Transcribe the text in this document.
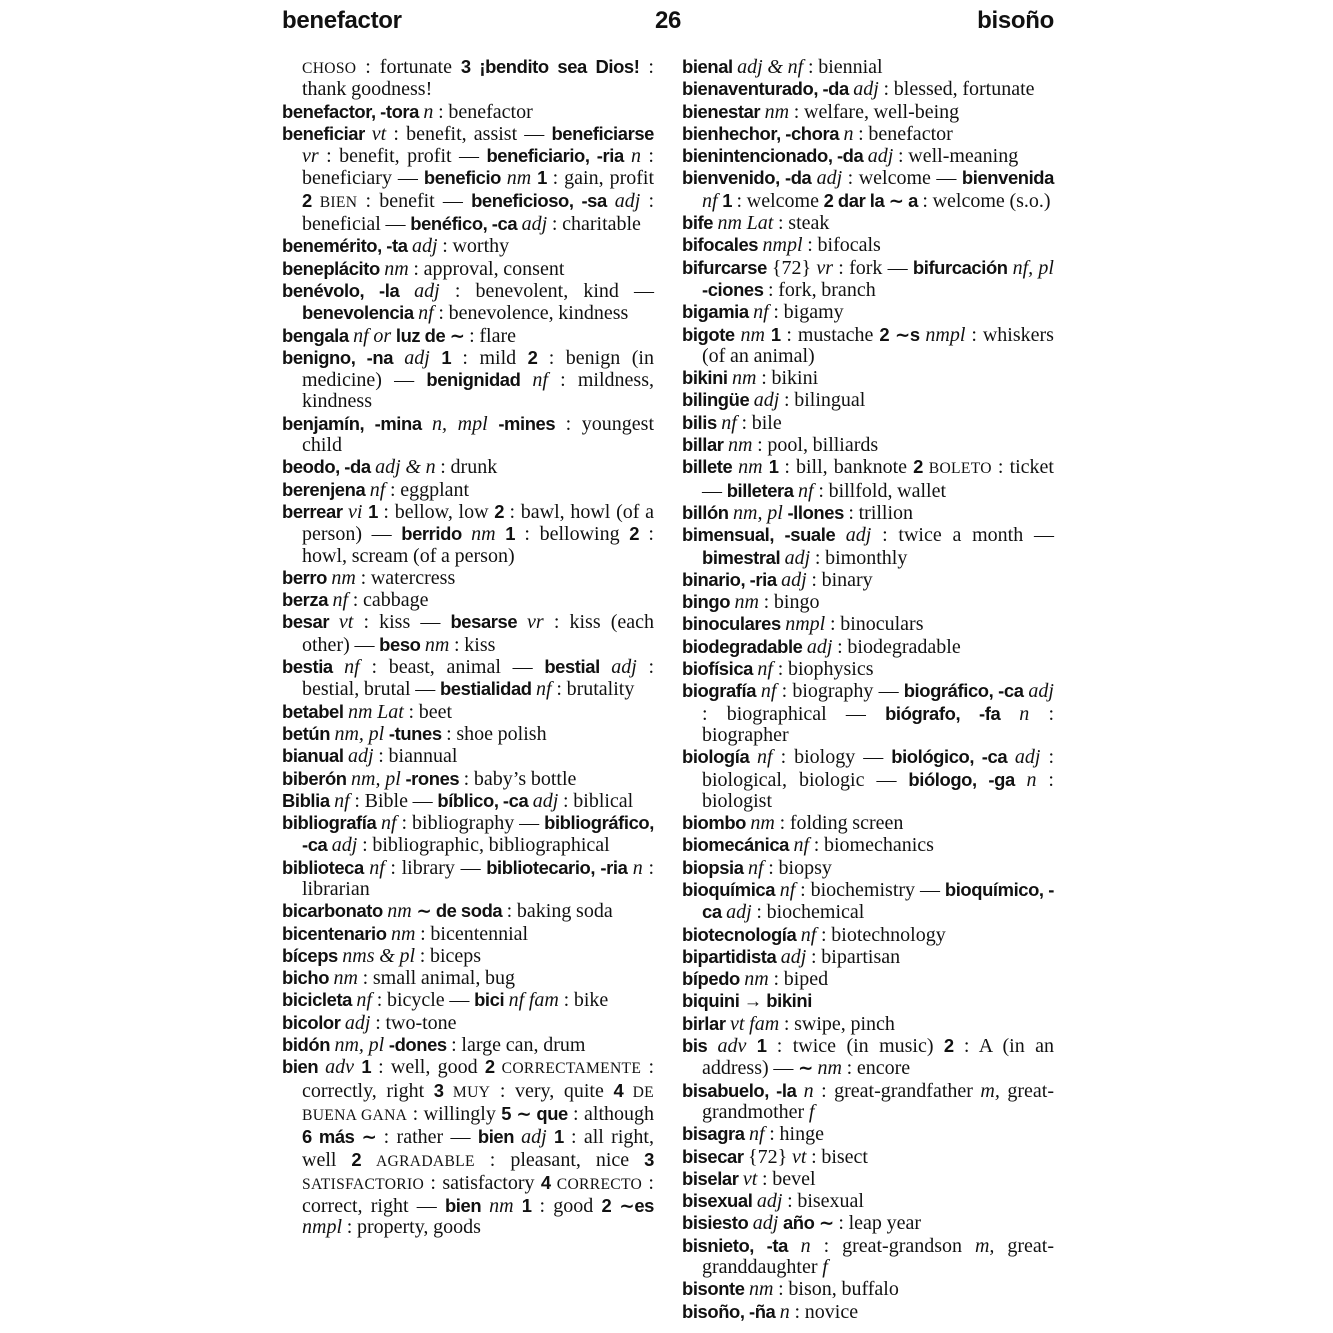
benefactor	26	bisoño

CHOSO : fortunate 3 ¡bendito sea Dios! : thank goodness!

benefactor, -tora n : benefactor

beneficiar vt : benefit, assist — beneficiarse vr : benefit, profit — beneficiario, -ria n : beneficiary — beneficio nm 1 : gain, profit 2 BIEN : benefit — beneficioso, -sa adj : beneficial — benéfico, -ca adj : charitable

benemérito, -ta adj : worthy

beneplácito nm : approval, consent

benévolo, -la adj : benevolent, kind — benevolencia nf : benevolence, kindness

bengala nf or luz de ∼ : flare

benigno, -na adj 1 : mild 2 : benign (in medicine) — benignidad nf : mildness, kindness

benjamín, -mina n, mpl -mines : youngest child

beodo, -da adj & n : drunk

berenjena nf : eggplant

berrear vi 1 : bellow, low 2 : bawl, howl (of a person) — berrido nm 1 : bellowing 2 : howl, scream (of a person)

berro nm : watercress

berza nf : cabbage

besar vt : kiss — besarse vr : kiss (each other) — beso nm : kiss

bestia nf : beast, animal — bestial adj : bestial, brutal — bestialidad nf : brutality

betabel nm Lat : beet

betún nm, pl -tunes : shoe polish

bianual adj : biannual

biberón nm, pl -rones : baby’s bottle

Biblia nf : Bible — bíblico, -ca adj : biblical

bibliografía nf : bibliography — bibliográfico, -ca adj : bibliographic, bibliographical

biblioteca nf : library — bibliotecario, -ria n : librarian

bicarbonato nm ∼ de soda : baking soda

bicentenario nm : bicentennial

bíceps nms & pl : biceps

bicho nm : small animal, bug

bicicleta nf : bicycle — bici nf fam : bike

bicolor adj : two-tone

bidón nm, pl -dones : large can, drum

bien adv 1 : well, good 2 CORRECTAMENTE : correctly, right 3 MUY : very, quite 4 DE BUENA GANA : willingly 5 ∼ que : although 6 más ∼ : rather — bien adj 1 : all right, well 2 AGRADABLE : pleasant, nice 3 SATISFACTORIO : satisfactory 4 CORRECTO : correct, right — bien nm 1 : good 2 ∼es nmpl : property, goods

bienal adj & nf : biennial

bienaventurado, -da adj : blessed, fortunate

bienestar nm : welfare, well-being

bienhechor, -chora n : benefactor

bienintencionado, -da adj : well-meaning

bienvenido, -da adj : welcome — bienvenida nf 1 : welcome 2 dar la ∼ a : welcome (s.o.)

bife nm Lat : steak

bifocales nmpl : bifocals

bifurcarse {72} vr : fork — bifurcación nf, pl -ciones : fork, branch

bigamia nf : bigamy

bigote nm 1 : mustache 2 ∼s nmpl : whiskers (of an animal)

bikini nm : bikini

bilingüe adj : bilingual

bilis nf : bile

billar nm : pool, billiards

billete nm 1 : bill, banknote 2 BOLETO : ticket — billetera nf : billfold, wallet

billón nm, pl -llones : trillion

bimensual, -suale adj : twice a month — bimestral adj : bimonthly

binario, -ria adj : binary

bingo nm : bingo

binoculares nmpl : binoculars

biodegradable adj : biodegradable

biofísica nf : biophysics

biografía nf : biography — biográfico, -ca adj : biographical — biógrafo, -fa n : biographer

biología nf : biology — biológico, -ca adj : biological, biologic — biólogo, -ga n : biologist

biombo nm : folding screen

biomecánica nf : biomechanics

biopsia nf : biopsy

bioquímica nf : biochemistry — bioquímico, -ca adj : biochemical

biotecnología nf : biotechnology

bipartidista adj : bipartisan

bípedo nm : biped

biquini → bikini

birlar vt fam : swipe, pinch

bis adv 1 : twice (in music) 2 : A (in an address) — ∼ nm : encore

bisabuelo, -la n : great-grandfather m, great-grandmother f

bisagra nf : hinge

bisecar {72} vt : bisect

biselar vt : bevel

bisexual adj : bisexual

bisiesto adj año ∼ : leap year

bisnieto, -ta n : great-grandson m, great-granddaughter f

bisonte nm : bison, buffalo

bisoño, -ña n : novice
